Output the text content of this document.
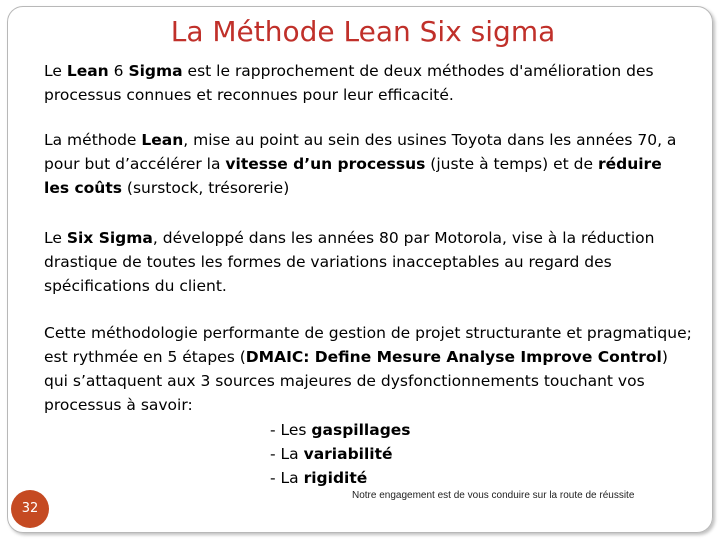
La Méthode Lean Six sigma

Le Lean 6 Sigma est le rapprochement de deux méthodes d'amélioration des processus connues et reconnues pour leur efficacité.

La méthode Lean, mise au point au sein des usines Toyota dans les années 70, a pour but d’accélérer la vitesse d’un processus (juste à temps) et de réduire les coûts (surstock, trésorerie)

Le Six Sigma, développé dans les années 80 par Motorola, vise à la réduction drastique de toutes les formes de variations inacceptables au regard des spécifications du client.

Cette méthodologie performante de gestion de projet structurante et pragmatique; est rythmée en 5 étapes (DMAIC: Define Mesure Analyse Improve Control) qui s’attaquent aux 3 sources majeures de dysfonctionnements touchant vos processus à savoir:

- Les gaspillages
- La variabilité
- La rigidité
32
Notre engagement est de vous conduire sur la route de réussite
